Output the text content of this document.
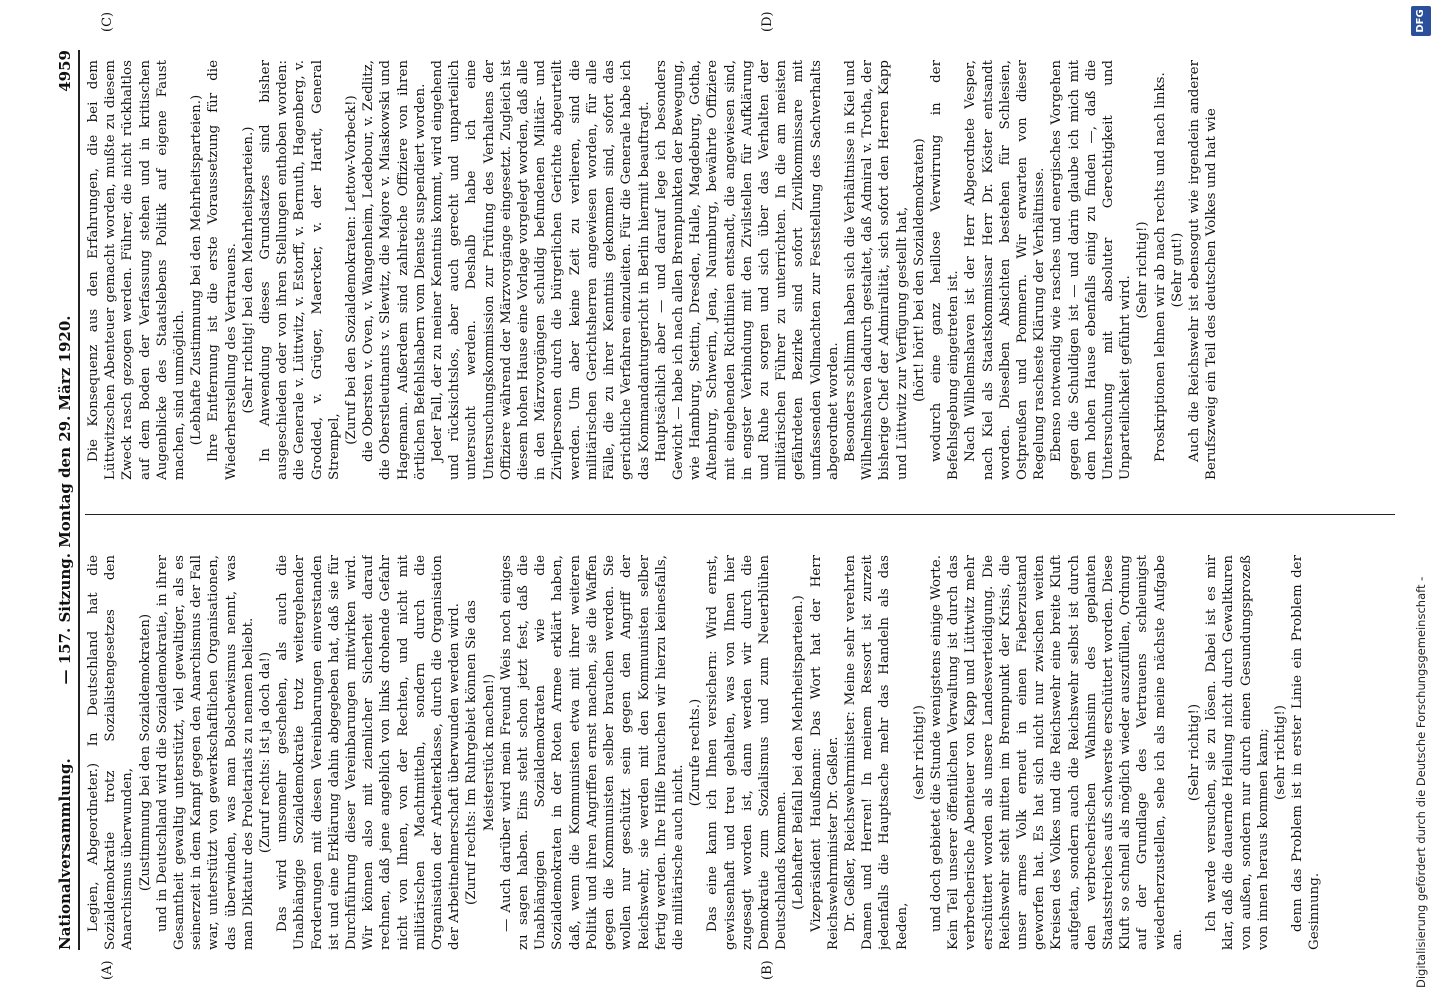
Nationalversammlung.
— 157. Sitzung. Montag den 29. März 1920.
4959
(A)	(B)
(C)	(D)

Legien, Abgeordneter.) In Deutschland hat die Sozialdemokratie trotz Sozialistengesetzes den Anarchismus überwunden, (Zustimmung bei den Sozialdemokraten) und in Deutschland wird die Sozialdemokratie, in ihrer Gesamtheit gewaltig unterstützt, viel gewaltiger, als es seinerzeit in dem Kampf gegen den Anarchismus der Fall war, unterstützt von gewerkschaftlichen Organisationen, das überwinden, was man Bolschewismus nennt, was man Diktatur des Proletariats zu nennen beliebt. (Zuruf rechts: Ist ja doch da!) Das wird umsomehr geschehen, als auch die Unabhängige Sozialdemokratie trotz weitergehender Forderungen mit diesen Vereinbarungen einverstanden ist und eine Erklärung dahin abgegeben hat, daß sie für Durchführung dieser Vereinbarungen mitwirken wird. Wir können also mit ziemlicher Sicherheit darauf rechnen, daß jene angeblich von links drohende Gefahr nicht von Ihnen, von der Rechten, und nicht mit militärischen Machtmitteln, sondern durch die Organisation der Arbeiterklasse, durch die Organisation der Arbeitnehmerschaft überwunden werden wird. (Zuruf rechts: Im Ruhrgebiet können Sie das Meisterstück machen!) — Auch darüber wird mein Freund Weis noch einiges zu sagen haben. Eins steht schon jetzt fest, daß die Unabhängigen Sozialdemokraten wie die Sozialdemokraten in der Roten Armee erklärt haben, daß, wenn die Kommunisten etwa mit ihrer weiteren Politik und ihren Angriffen ernst machen, sie die Waffen gegen die Kommunisten selber brauchen werden. Sie wollen nur geschützt sein gegen den Angriff der Reichswehr, sie werden mit den Kommunisten selber fertig werden. Ihre Hilfe brauchen wir hierzu keinesfalls, die militärische auch nicht.

(Zurufe rechts.) Das eine kann ich Ihnen versichern: Wird ernst, gewissenhaft und treu gehalten, was von Ihnen hier zugesagt worden ist, dann werden wir durch die Demokratie zum Sozialismus und zum Neuerblühen Deutschlands kommen. (Lebhafter Beifall bei den Mehrheitsparteien.) Vizepräsident Haußmann: Das Wort hat der Herr Reichswehrminister Dr. Geßler. Dr. Geßler, Reichswehrminister: Meine sehr verehrten Damen und Herren! In meinem Ressort ist zurzeit jedenfalls die Hauptsache mehr das Handeln als das Reden,

(sehr richtig!) und doch gebietet die Stunde wenigstens einige Worte. Kein Teil unserer öffentlichen Verwaltung ist durch das verbrecherische Abenteuer von Kapp und Lüttwitz mehr erschüttert worden als unsere Landesverteidigung. Die Reichswehr steht mitten im Brennpunkt der Krisis, die unser armes Volk erneut in einen Fieberzustand geworfen hat. Es hat sich nicht nur zwischen weiten Kreisen des Volkes und die Reichswehr eine breite Kluft aufgetan, sondern auch die Reichswehr selbst ist durch den verbrecherischen Wahnsinn des geplanten Staatsstreiches aufs schwerste erschüttert worden. Diese Kluft so schnell als möglich wieder auszufüllen, Ordnung auf der Grundlage des Vertrauens schleunigst wiederherzustellen, sehe ich als meine nächste Aufgabe an.

(Sehr richtig!) Ich werde versuchen, sie zu lösen. Dabei ist es mir klar, daß die dauernde Heilung nicht durch Gewaltkuren von außen, sondern nur durch einen Gesundungsprozeß von innen heraus kommen kann; (sehr richtig!) denn das Problem ist in erster Linie ein Problem der Gesinnung.

Die Konsequenz aus den Erfahrungen, die bei dem Lüttwitzschen Abenteuer gemacht worden, mußte zu diesem Zweck rasch gezogen werden. Führer, die nicht rückhaltlos auf dem Boden der Verfassung stehen und in kritischen Augenblicke des Staatslebens Politik auf eigene Faust machen, sind unmöglich. (Lebhafte Zustimmung bei den Mehrheitsparteien.) Ihre Entfernung ist die erste Voraussetzung für die Wiederherstellung des Vertrauens. (Sehr richtig! bei den Mehrheitsparteien.) In Anwendung dieses Grundsatzes sind bisher ausgeschieden oder von ihren Stellungen enthoben worden: die Generale v. Lüttwitz, v. Estorff, v. Bernuth, Hagenberg, v. Grodded, v. Grüger, Maercker, v. der Hardt, General Strempel,

(Zuruf bei den Sozialdemokraten: Lettow-Vorbeck!) die Obersten v. Oven, v. Wangenheim, Ledebour, v. Zedlitz, die Oberstleutnants v. Slewitz, die Majore v. Miaskowski und Hagemann. Außerdem sind zahlreiche Offiziere von ihren örtlichen Befehlshabern vom Dienste suspendiert worden. Jeder Fall, der zu meiner Kenntnis kommt, wird eingehend und rücksichtslos, aber auch gerecht und unparteilich untersucht werden. Deshalb habe ich eine Untersuchungskommission zur Prüfung des Verhaltens der Offiziere während der Märzvorgänge eingesetzt. Zugleich ist diesem hohen Hause eine Vorlage vorgelegt worden, daß alle in den Märzvorgängen schuldig befundenen Militär- und Zivilpersonen durch die bürgerlichen Gerichte abgeurteilt werden. Um aber keine Zeit zu verlieren, sind die militärischen Gerichtsherren angewiesen worden, für alle Fälle, die zu ihrer Kenntnis gekommen sind, sofort das gerichtliche Verfahren einzuleiten. Für die Generale habe ich das Kommandanturgericht in Berlin hiermit beauftragt. Hauptsächlich aber — und darauf lege ich besonders Gewicht — habe ich nach allen Brennpunkten der Bewegung, wie Hamburg, Stettin, Dresden, Halle, Magdeburg, Gotha, Altenburg, Schwerin, Jena, Naumburg, bewährte Offiziere mit eingehenden Richtlinien entsandt, die angewiesen sind, in engster Verbindung mit den Zivilstellen für Aufklärung und Ruhe zu sorgen und sich über das Verhalten der militärischen Führer zu unterrichten. In die am meisten gefährdeten Bezirke sind sofort Zivilkommissare mit umfassenden Vollmachten zur Feststellung des Sachverhalts abgeordnet worden. Besonders schlimm haben sich die Verhältnisse in Kiel und Wilhelmshaven dadurch gestaltet, daß Admiral v. Trotha, der bisherige Chef der Admiralität, sich sofort den Herren Kapp und Lüttwitz zur Verfügung gestellt hat, (hört! hört! bei den Sozialdemokraten) wodurch eine ganz heillose Verwirrung in der Befehlsgebung eingetreten ist. Nach Wilhelmshaven ist der Herr Abgeordnete Vesper, nach Kiel als Staatskommissar Herr Dr. Köster entsandt worden. Dieselben Absichten bestehen für Schlesien, Ostpreußen und Pommern. Wir erwarten von dieser Regelung rascheste Klärung der Verhältnisse. Ebenso notwendig wie rasches und energisches Vorgehen gegen die Schuldigen ist — und darin glaube ich mich mit dem hohen Hause ebenfalls einig zu finden —, daß die Untersuchung mit absoluter Gerechtigkeit und Unparteilichkeit geführt wird.

(Sehr richtig!) Proskriptionen lehnen wir ab nach rechts und nach links. (Sehr gut!) Auch die Reichswehr ist ebensogut wie irgendein anderer Berufszweig ein Teil des deutschen Volkes und hat wie

Digitalisierung gefördert durch die Deutsche Forschungsgemeinschaft -
DFG
